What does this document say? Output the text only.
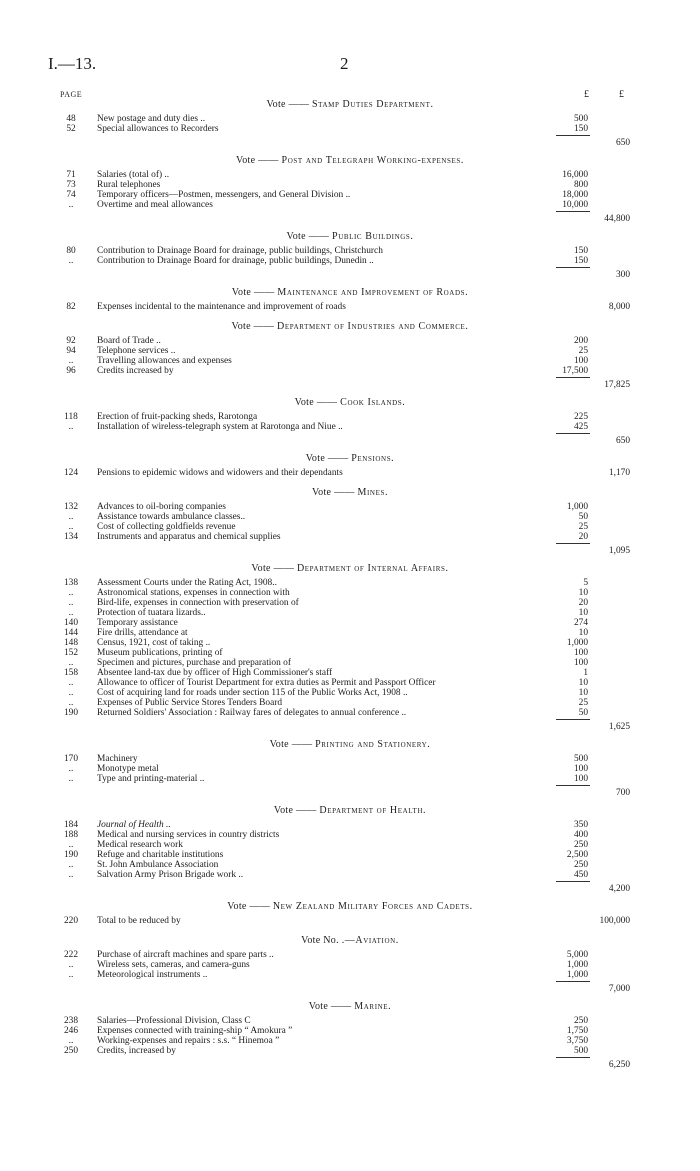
I.—13.	2
PAGE	£	£
Vote —— Stamp Duties Department.
48	New postage and duty dies ..	500
52	Special allowances to Recorders	150
650
Vote —— Post and Telegraph Working-expenses.
71	Salaries (total of) ..	16,000
73	Rural telephones	800
74	Temporary officers—Postmen, messengers, and General Division ..	18,000
..	Overtime and meal allowances	10,000
44,800
Vote —— Public Buildings.
80	Contribution to Drainage Board for drainage, public buildings, Christchurch	150
..	Contribution to Drainage Board for drainage, public buildings, Dunedin ..	150
300
Vote —— Maintenance and Improvement of Roads.
82	Expenses incidental to the maintenance and improvement of roads	8,000
Vote —— Department of Industries and Commerce.
92	Board of Trade ..	200
94	Telephone services ..	25
..	Travelling allowances and expenses	100
96	Credits increased by	17,500
17,825
Vote —— Cook Islands.
118	Erection of fruit-packing sheds, Rarotonga	225
..	Installation of wireless-telegraph system at Rarotonga and Niue ..	425
650
Vote —— Pensions.
124	Pensions to epidemic widows and widowers and their dependants	1,170
Vote —— Mines.
132	Advances to oil-boring companies	1,000
..	Assistance towards ambulance classes..	50
..	Cost of collecting goldfields revenue	25
134	Instruments and apparatus and chemical supplies	20
1,095
Vote —— Department of Internal Affairs.
138	Assessment Courts under the Rating Act, 1908..	5
..	Astronomical stations, expenses in connection with	10
..	Bird-life, expenses in connection with preservation of	20
..	Protection of tuatara lizards..	10
140	Temporary assistance	274
144	Fire drills, attendance at	10
148	Census, 1921, cost of taking ..	1,000
152	Museum publications, printing of	100
..	Specimen and pictures, purchase and preparation of	100
158	Absentee land-tax due by officer of High Commissioner's staff	1
..	Allowance to officer of Tourist Department for extra duties as Permit and Passport Officer	10
..	Cost of acquiring land for roads under section 115 of the Public Works Act, 1908 ..	10
..	Expenses of Public Service Stores Tenders Board	25
190	Returned Soldiers' Association : Railway fares of delegates to annual conference ..	50
1,625
Vote —— Printing and Stationery.
170	Machinery	500
..	Monotype metal	100
..	Type and printing-material ..	100
700
Vote —— Department of Health.
184	Journal of Health ..	350
188	Medical and nursing services in country districts	400
..	Medical research work	250
190	Refuge and charitable institutions	2,500
..	St. John Ambulance Association	250
..	Salvation Army Prison Brigade work ..	450
4,200
Vote —— New Zealand Military Forces and Cadets.
220	Total to be reduced by	100,000
Vote No. .—Aviation.
222	Purchase of aircraft machines and spare parts ..	5,000
..	Wireless sets, cameras, and camera-guns	1,000
..	Meteorological instruments ..	1,000
7,000
Vote —— Marine.
238	Salaries—Professional Division, Class C	250
246	Expenses connected with training-ship “ Amokura ”	1,750
..	Working-expenses and repairs : s.s. “ Hinemoa ”	3,750
250	Credits, increased by	500
6,250
